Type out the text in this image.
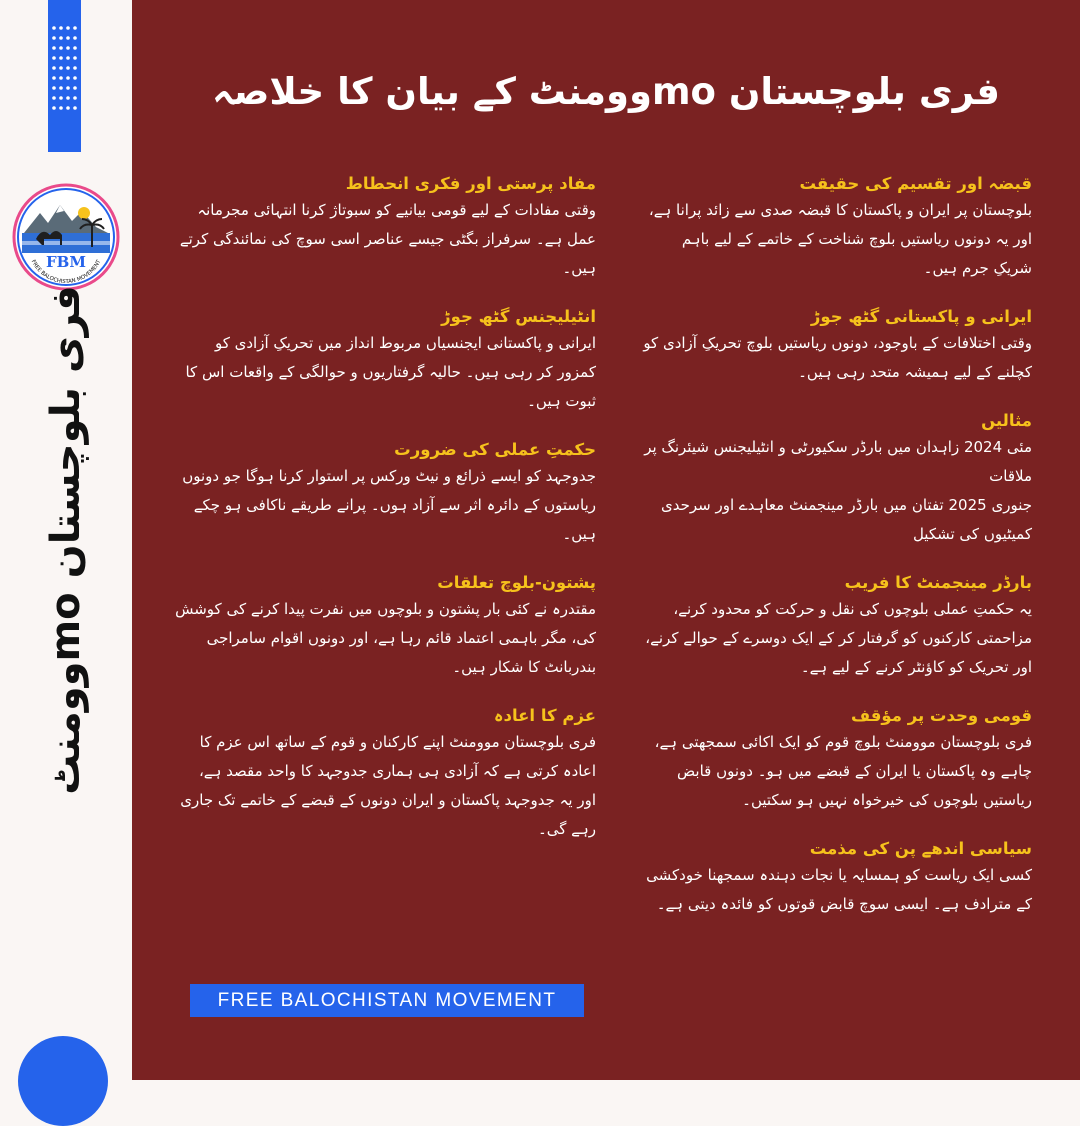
FBM
FREE BALOCHISTAN MOVEMENT
فری بلوچستان moوومنٹ
فری بلوچستان moوومنٹ کے بیان کا خلاصہ

قبضہ اور تقسیم کی حقیقت

بلوچستان پر ایران و پاکستان کا قبضہ صدی سے زائد پرانا ہے، اور یہ دونوں ریاستیں بلوچ شناخت کے خاتمے کے لیے باہم شریکِ جرم ہیں۔

ایرانی و پاکستانی گٹھ جوڑ

وقتی اختلافات کے باوجود، دونوں ریاستیں بلوچ تحریکِ آزادی کو کچلنے کے لیے ہمیشہ متحد رہی ہیں۔

مثالیں

مئی 2024 زاہدان میں بارڈر سکیورٹی و انٹیلیجنس شیئرنگ پر ملاقات
جنوری 2025 تفتان میں بارڈر مینجمنٹ معاہدے اور سرحدی کمیٹیوں کی تشکیل

بارڈر مینجمنٹ کا فریب

یہ حکمتِ عملی بلوچوں کی نقل و حرکت کو محدود کرنے، مزاحمتی کارکنوں کو گرفتار کر کے ایک دوسرے کے حوالے کرنے، اور تحریک کو کاؤنٹر کرنے کے لیے ہے۔

قومی وحدت پر مؤقف

فری بلوچستان موومنٹ بلوچ قوم کو ایک اکائی سمجھتی ہے، چاہے وہ پاکستان یا ایران کے قبضے میں ہو۔ دونوں قابض ریاستیں بلوچوں کی خیرخواہ نہیں ہو سکتیں۔

سیاسی اندھے پن کی مذمت

کسی ایک ریاست کو ہمسایہ یا نجات دہندہ سمجھنا خودکشی کے مترادف ہے۔ ایسی سوچ قابض قوتوں کو فائدہ دیتی ہے۔

مفاد پرستی اور فکری انحطاط

وقتی مفادات کے لیے قومی بیانیے کو سبوتاژ کرنا انتہائی مجرمانہ عمل ہے۔ سرفراز بگٹی جیسے عناصر اسی سوچ کی نمائندگی کرتے ہیں۔

انٹیلیجنس گٹھ جوڑ

ایرانی و پاکستانی ایجنسیاں مربوط انداز میں تحریکِ آزادی کو کمزور کر رہی ہیں۔ حالیہ گرفتاریوں و حوالگی کے واقعات اس کا ثبوت ہیں۔

حکمتِ عملی کی ضرورت

جدوجہد کو ایسے ذرائع و نیٹ ورکس پر استوار کرنا ہوگا جو دونوں ریاستوں کے دائرہ اثر سے آزاد ہوں۔ پرانے طریقے ناکافی ہو چکے ہیں۔

پشتون-بلوچ تعلقات

مقتدرہ نے کئی بار پشتون و بلوچوں میں نفرت پیدا کرنے کی کوشش کی، مگر باہمی اعتماد قائم رہا ہے، اور دونوں اقوام سامراجی بندربانٹ کا شکار ہیں۔

عزم کا اعادہ

فری بلوچستان موومنٹ اپنے کارکنان و قوم کے ساتھ اس عزم کا اعادہ کرتی ہے کہ آزادی ہی ہماری جدوجہد کا واحد مقصد ہے،
اور یہ جدوجہد پاکستان و ایران دونوں کے قبضے کے خاتمے تک جاری رہے گی۔

FREE BALOCHISTAN MOVEMENT
